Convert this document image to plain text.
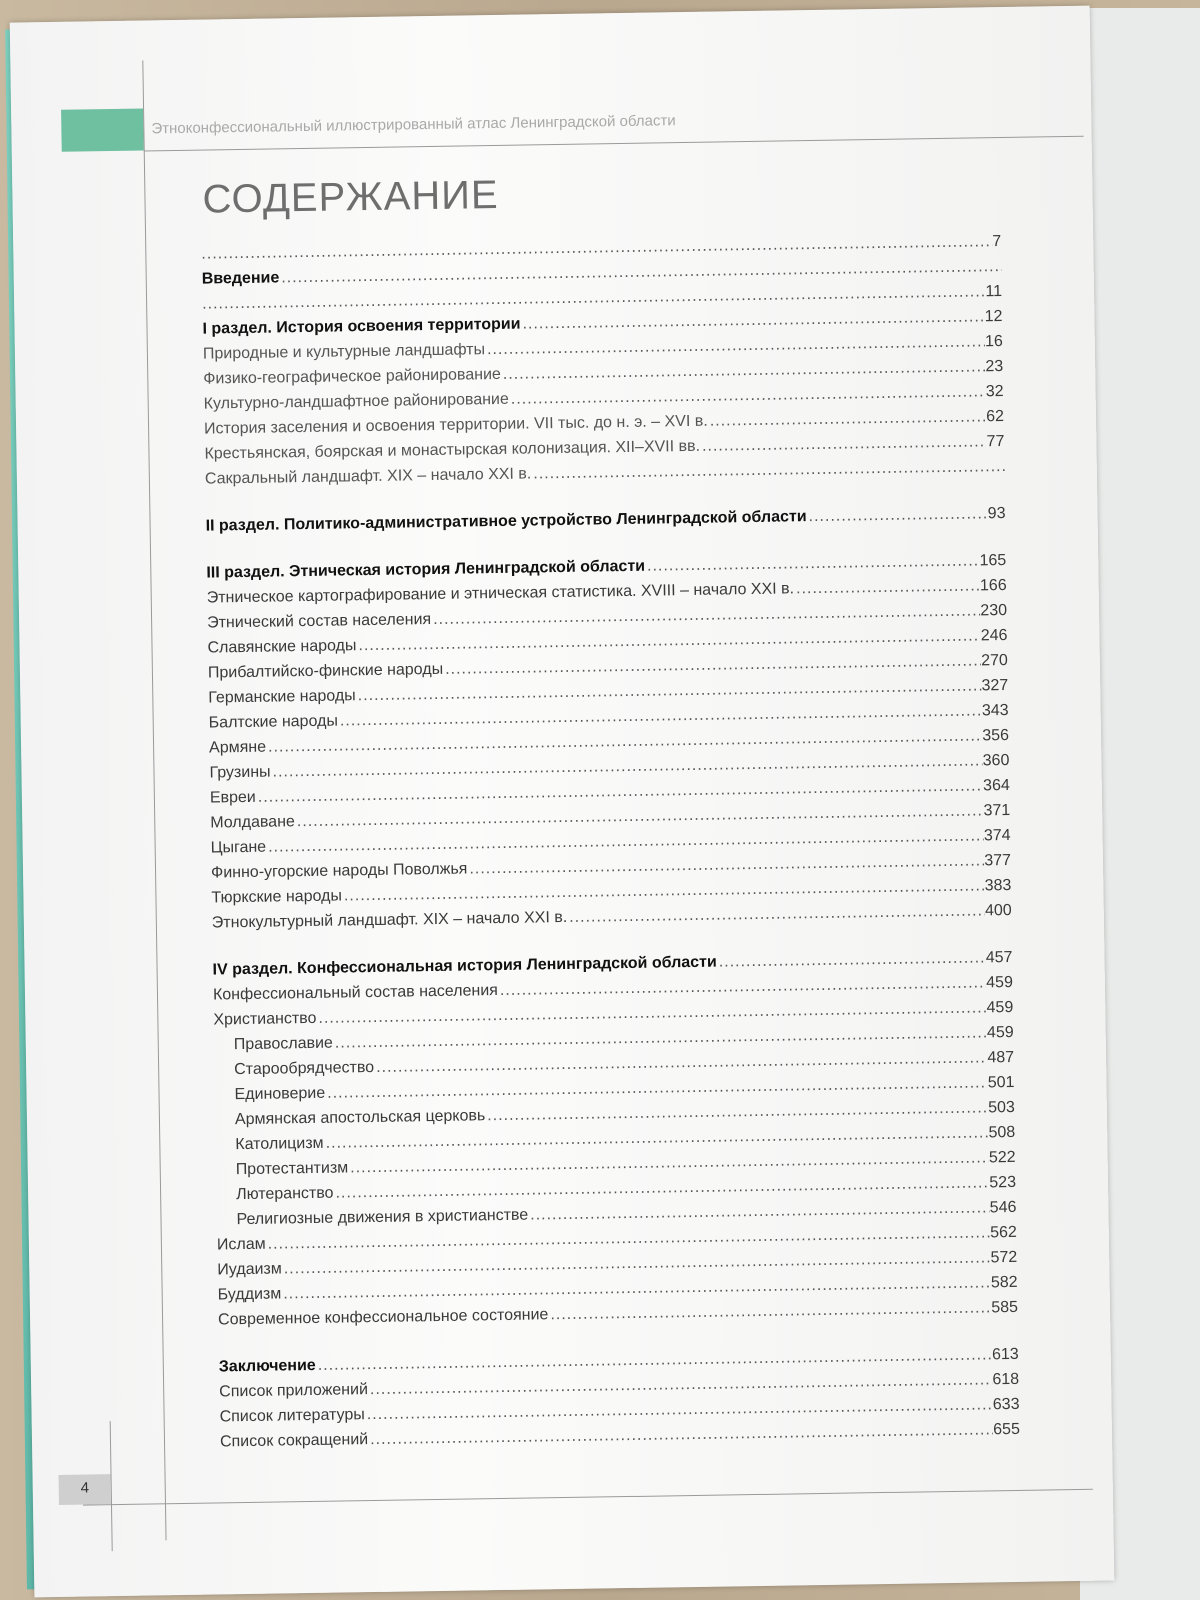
Этноконфессиональный иллюстрированный атлас Ленинградской области
СОДЕРЖАНИЕ
7
.....
Введение
.....
11
.....
12
I раздел. История освоения территории
.....
16
Природные и культурные ландшафты
.....
23
Физико-географическое районирование
.....
32
Культурно-ландшафтное районирование
.....
62
История заселения и освоения территории. VII тыс. до н. э. – XVI в.
.....
77
Крестьянская, боярская и монастырская колонизация. XII–XVII вв.
.....
Сакральный ландшафт. XIX – начало XXI в.
.....
93
II раздел. Политико-административное устройство Ленинградской области
.....
165
III раздел. Этническая история Ленинградской области
.....
166
Этническое картографирование и этническая статистика. XVIII – начало XXI в.
.....
230
Этнический состав населения
.....
246
Славянские народы
.....
270
Прибалтийско-финские народы
.....
327
Германские народы
.....
343
Балтские народы
.....
356
Армяне
.....
360
Грузины
.....
364
Евреи
.....
371
Молдаване
.....
374
Цыгане
.....
377
Финно-угорские народы Поволжья
.....
383
Тюркские народы
.....
400
Этнокультурный ландшафт. XIX – начало XXI в.
.....
457
IV раздел. Конфессиональная история Ленинградской области
.....
459
Конфессиональный состав населения
.....
459
Христианство
.....
459
Православие
.....
487
Старообрядчество
.....
501
Единоверие
.....
503
Армянская апостольская церковь
.....
508
Католицизм
.....
522
Протестантизм
.....
523
Лютеранство
.....
546
Религиозные движения в христианстве
.....
562
Ислам
.....
572
Иудаизм
.....
582
Буддизм
.....
585
Современное конфессиональное состояние
.....
613
Заключение
.....
618
Список приложений
.....
633
Список литературы
.....
655
Список сокращений
.....
4
